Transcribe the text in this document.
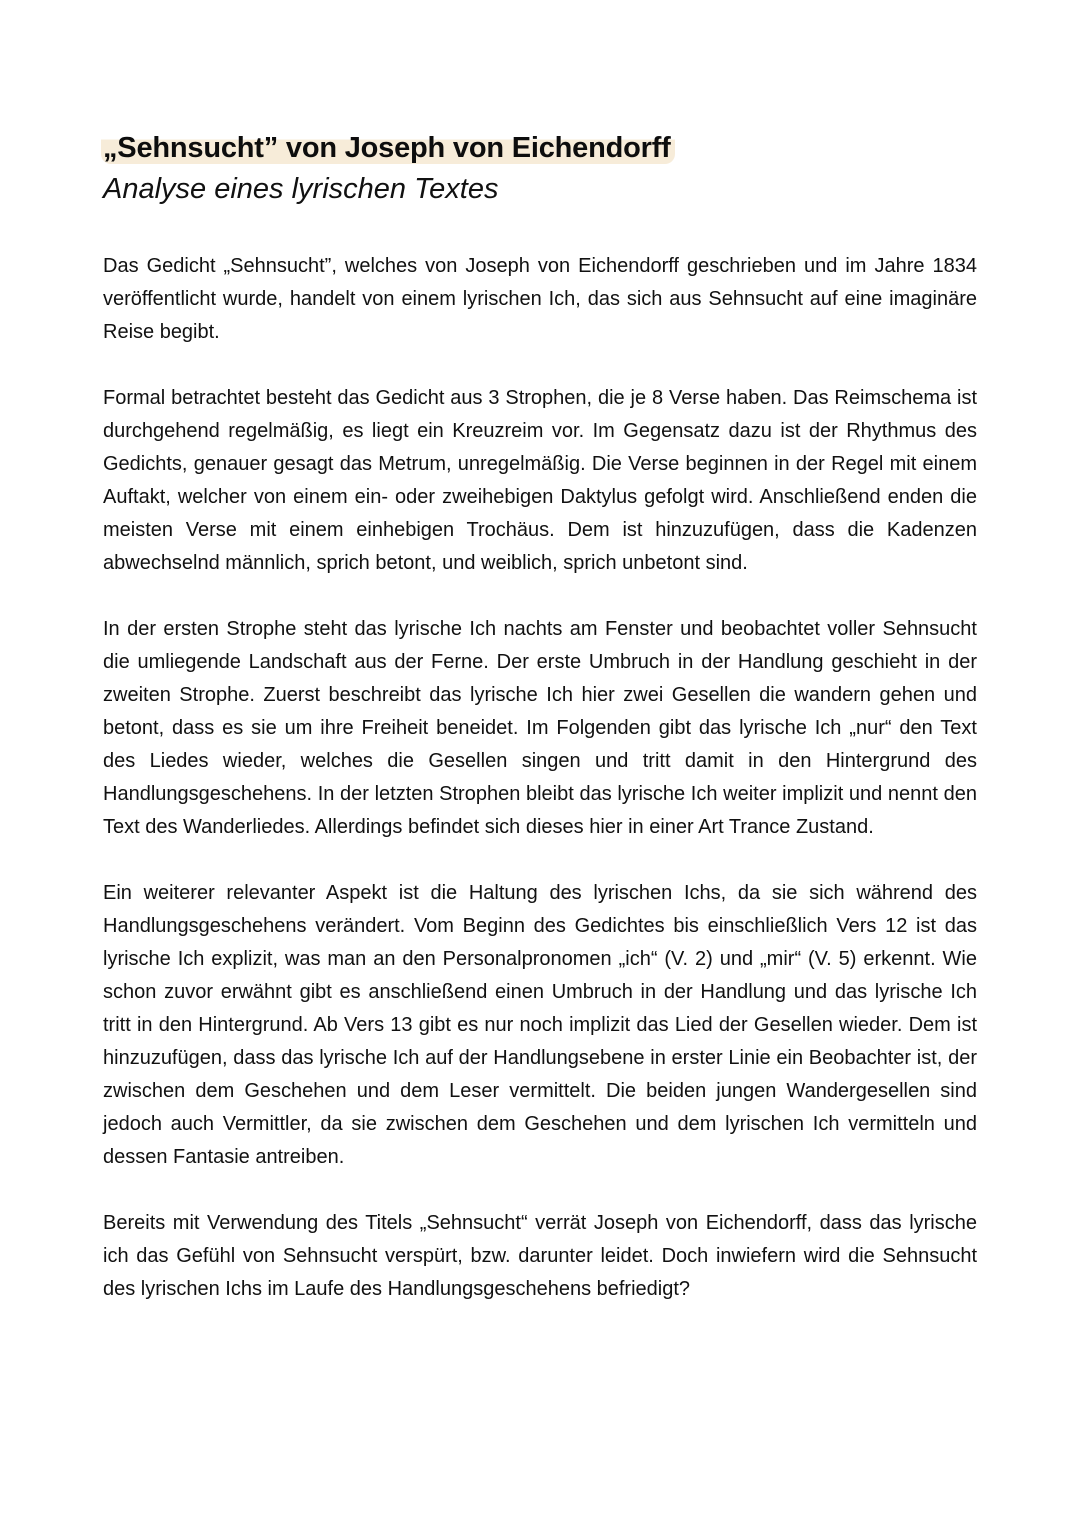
„Sehnsucht” von Joseph von Eichendorff
Analyse eines lyrischen Textes

Das Gedicht „Sehnsucht”, welches von Joseph von Eichendorff geschrieben und im Jahre 1834 veröffentlicht wurde, handelt von einem lyrischen Ich, das sich aus Sehnsucht auf eine imaginäre Reise begibt.

Formal betrachtet besteht das Gedicht aus 3 Strophen, die je 8 Verse haben. Das Reimschema ist durchgehend regelmäßig, es liegt ein Kreuzreim vor. Im Gegensatz dazu ist der Rhythmus des Gedichts, genauer gesagt das Metrum, unregelmäßig. Die Verse beginnen in der Regel mit einem Auftakt, welcher von einem ein- oder zweihebigen Daktylus gefolgt wird. Anschließend enden die meisten Verse mit einem einhebigen Trochäus. Dem ist hinzuzufügen, dass die Kadenzen abwechselnd männlich, sprich betont, und weiblich, sprich unbetont sind.

In der ersten Strophe steht das lyrische Ich nachts am Fenster und beobachtet voller Sehnsucht die umliegende Landschaft aus der Ferne. Der erste Umbruch in der Handlung geschieht in der zweiten Strophe. Zuerst beschreibt das lyrische Ich hier zwei Gesellen die wandern gehen und betont, dass es sie um ihre Freiheit beneidet. Im Folgenden gibt das lyrische Ich „nur“ den Text des Liedes wieder, welches die Gesellen singen und tritt damit in den Hintergrund des Handlungsgeschehens. In der letzten Strophen bleibt das lyrische Ich weiter implizit und nennt den Text des Wanderliedes. Allerdings befindet sich dieses hier in einer Art Trance Zustand.

Ein weiterer relevanter Aspekt ist die Haltung des lyrischen Ichs, da sie sich während des Handlungsgeschehens verändert. Vom Beginn des Gedichtes bis einschließlich Vers 12 ist das lyrische Ich explizit, was man an den Personalpronomen „ich“ (V. 2) und „mir“ (V. 5) erkennt. Wie schon zuvor erwähnt gibt es anschließend einen Umbruch in der Handlung und das lyrische Ich tritt in den Hintergrund. Ab Vers 13 gibt es nur noch implizit das Lied der Gesellen wieder. Dem ist hinzuzufügen, dass das lyrische Ich auf der Handlungsebene in erster Linie ein Beobachter ist, der zwischen dem Geschehen und dem Leser vermittelt. Die beiden jungen Wandergesellen sind jedoch auch Vermittler, da sie zwischen dem Geschehen und dem lyrischen Ich vermitteln und dessen Fantasie antreiben.

Bereits mit Verwendung des Titels „Sehnsucht“ verrät Joseph von Eichendorff, dass das lyrische ich das Gefühl von Sehnsucht verspürt, bzw. darunter leidet. Doch inwiefern wird die Sehnsucht des lyrischen Ichs im Laufe des Handlungsgeschehens befriedigt?
